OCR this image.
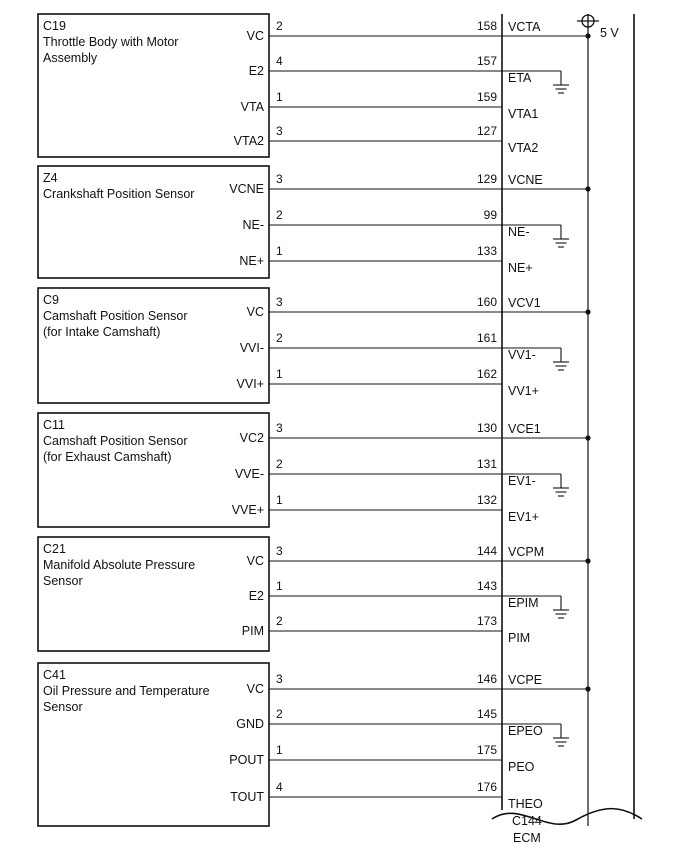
C19
Throttle Body with Motor
Assembly
VC
2	158 VCTA
E2
4	157
ETA
VTA
1	159
VTA1
VTA2
3	127
VTA2
Z4
Crankshaft Position Sensor	VCNE
3	129 VCNE
NE-
2	99
NE-
NE+
1	133
NE+
C9
Camshaft Position Sensor
(for Intake Camshaft)
VC
3	160 VCV1
VVI-
2	161
VV1-
VVI+
1	162
VV1+
C11
Camshaft Position Sensor
(for Exhaust Camshaft)
VC2
3	130 VCE1
VVE-
2	131
EV1-
VVE+
1	132
EV1+
C21
Manifold Absolute Pressure
Sensor
VC
3	144 VCPM
E2
1	143
EPIM
PIM
2	173
PIM
C41
Oil Pressure and Temperature
Sensor
VC
3	146 VCPE
GND
2	145
EPEO
POUT
1	175
PEO
TOUT
4	176
THEO
5 V
C144
ECM
